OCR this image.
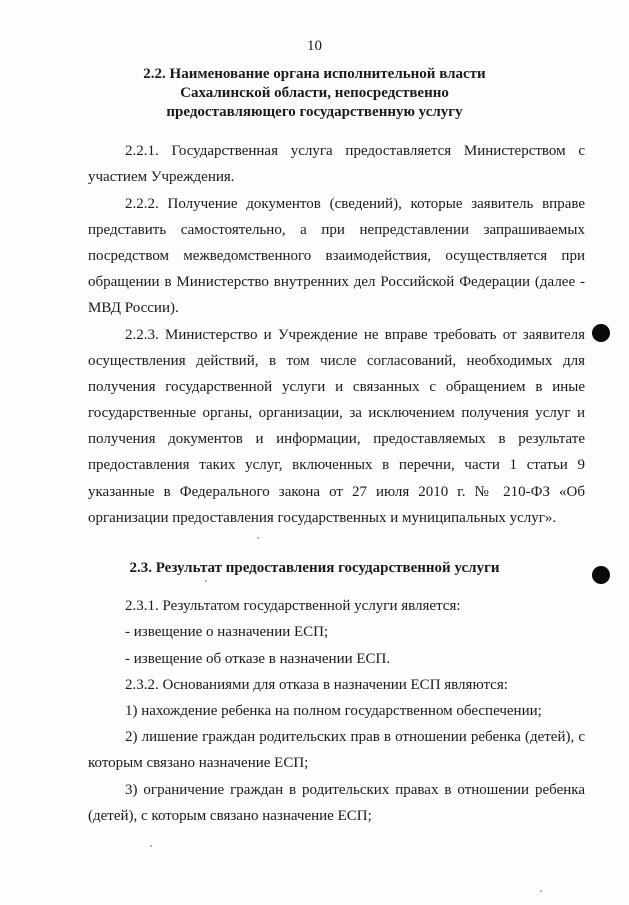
10
2.2. Наименование органа исполнительной власти
Сахалинской области, непосредственно
предоставляющего государственную услугу
2.2.1. Государственная услуга предоставляется Министерством с
участием Учреждения.
2.2.2. Получение документов (сведений), которые заявитель вправе
представить самостоятельно, а при непредставлении запрашиваемых
посредством межведомственного взаимодействия, осуществляется при
обращении в Министерство внутренних дел Российской Федерации (далее -
МВД России).
2.2.3. Министерство и Учреждение не вправе требовать от заявителя
осуществления действий, в том числе согласований, необходимых для
получения государственной услуги и связанных с обращением в иные
государственные органы, организации, за исключением получения услуг и
получения документов и информации, предоставляемых в результате
предоставления таких услуг, включенных в перечни, части 1 статьи 9
указанные в Федерального закона от 27 июля 2010 г. № 210-ФЗ «Об
организации предоставления государственных и муниципальных услуг».
2.3. Результат предоставления государственной услуги
2.3.1. Результатом государственной услуги является:
- извещение о назначении ЕСП;
- извещение об отказе в назначении ЕСП.
2.3.2. Основаниями для отказа в назначении ЕСП являются:
1) нахождение ребенка на полном государственном обеспечении;
2) лишение граждан родительских прав в отношении ребенка (детей), с
которым связано назначение ЕСП;
3) ограничение граждан в родительских правах в отношении ребенка
(детей), с которым связано назначение ЕСП;
